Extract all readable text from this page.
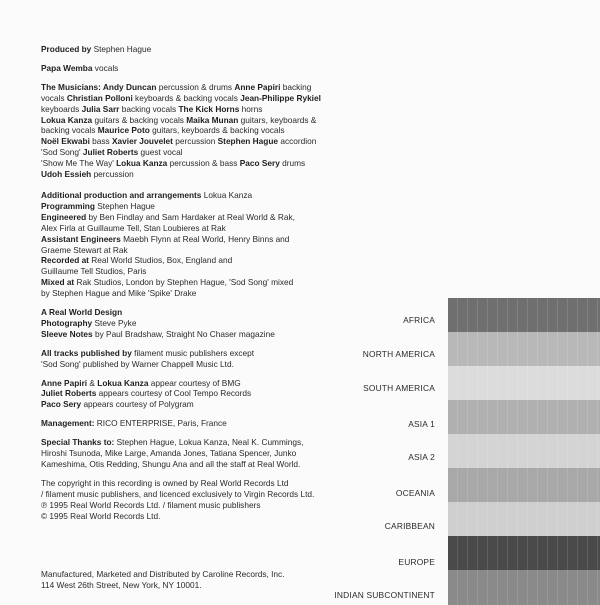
Produced by Stephen Hague
Papa Wemba vocals
The Musicians: Andy Duncan percussion & drums Anne Papiri backing
vocals Christian Polloni keyboards & backing vocals Jean-Philippe Rykiel
keyboards Julia Sarr backing vocals The Kick Horns horns
Lokua Kanza guitars & backing vocals Maika Munan guitars, keyboards &
backing vocals Maurice Poto guitars, keyboards & backing vocals
Noël Ekwabi bass Xavier Jouvelet percussion Stephen Hague accordion
'Sod Song' Juliet Roberts guest vocal
'Show Me The Way' Lokua Kanza percussion & bass Paco Sery drums
Udoh Essieh percussion
Additional production and arrangements Lokua Kanza
Programming Stephen Hague
Engineered by Ben Findlay and Sam Hardaker at Real World & Rak,
Alex Firla at Guillaume Tell, Stan Loubieres at Rak
Assistant Engineers Maebh Flynn at Real World, Henry Binns and
Graeme Stewart at Rak
Recorded at Real World Studios, Box, England and
Guillaume Tell Studios, Paris
Mixed at Rak Studios, London by Stephen Hague, 'Sod Song' mixed
by Stephen Hague and Mike 'Spike' Drake
A Real World Design
Photography Steve Pyke
Sleeve Notes by Paul Bradshaw, Straight No Chaser magazine
All tracks published by filament music publishers except
'Sod Song' published by Warner Chappell Music Ltd.
Anne Papiri & Lokua Kanza appear courtesy of BMG
Juliet Roberts appears courtesy of Cool Tempo Records
Paco Sery appears courtesy of Polygram
Management: RICO ENTERPRISE, Paris, France
Special Thanks to: Stephen Hague, Lokua Kanza, Neal K. Cummings,
Hiroshi Tsunoda, Mike Large, Amanda Jones, Tatiana Spencer, Junko
Kameshima, Otis Redding, Shungu Ana and all the staff at Real World.
The copyright in this recording is owned by Real World Records Ltd
/ filament music publishers, and licenced exclusively to Virgin Records Ltd.
℗ 1995 Real World Records Ltd. / filament music publishers
© 1995 Real World Records Ltd.
Manufactured, Marketed and Distributed by Caroline Records, Inc.
114 West 26th Street, New York, NY 10001.
AFRICA
NORTH AMERICA
SOUTH AMERICA
ASIA 1
ASIA 2
OCEANIA
CARIBBEAN
EUROPE
INDIAN SUBCONTINENT
